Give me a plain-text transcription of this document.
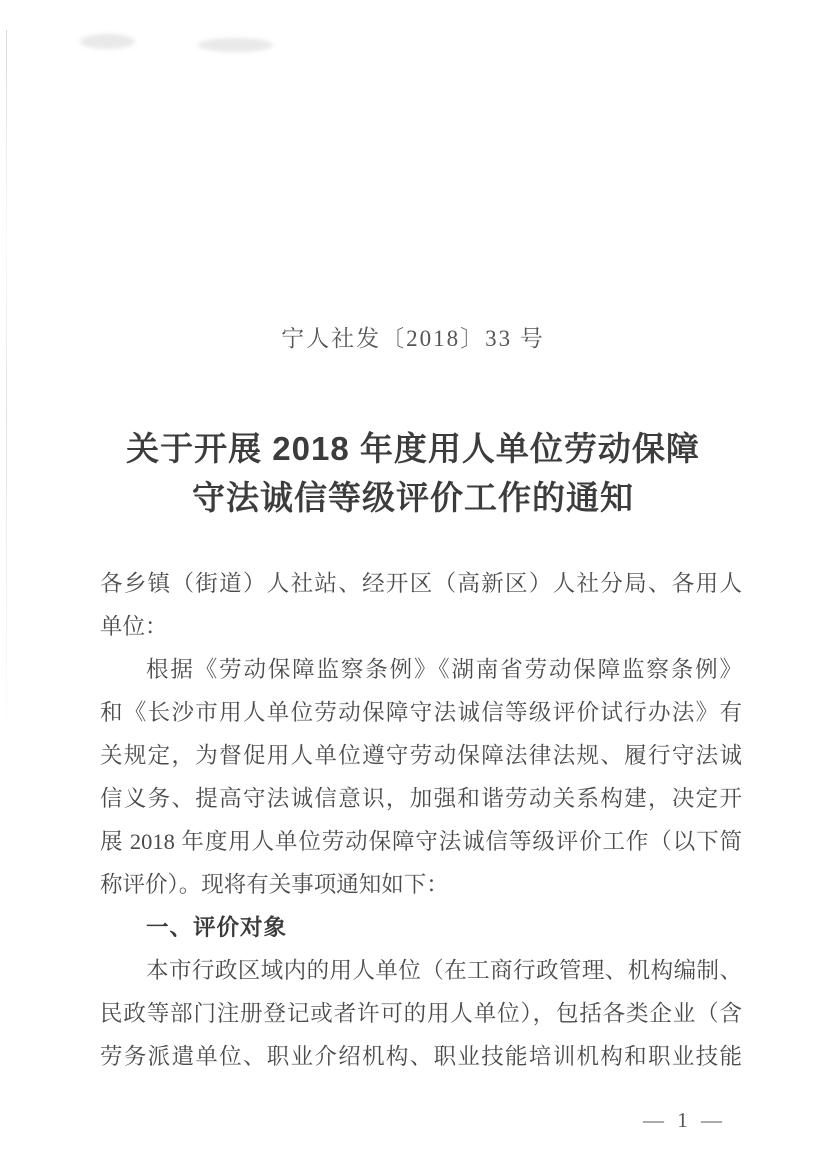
宁人社发〔2018〕33 号
关于开展 2018 年度用人单位劳动保障
守法诚信等级评价工作的通知
各乡镇（街道）人社站、经开区（高新区）人社分局、各用人
单位：
根据《劳动保障监察条例》《湖南省劳动保障监察条例》
和《长沙市用人单位劳动保障守法诚信等级评价试行办法》有
关规定，为督促用人单位遵守劳动保障法律法规、履行守法诚
信义务、提高守法诚信意识，加强和谐劳动关系构建，决定开
展 2018 年度用人单位劳动保障守法诚信等级评价工作（以下简
称评价）。现将有关事项通知如下：
一、评价对象
本市行政区域内的用人单位（在工商行政管理、机构编制、
民政等部门注册登记或者许可的用人单位），包括各类企业（含
劳务派遣单位、职业介绍机构、职业技能培训机构和职业技能
— 1 —
